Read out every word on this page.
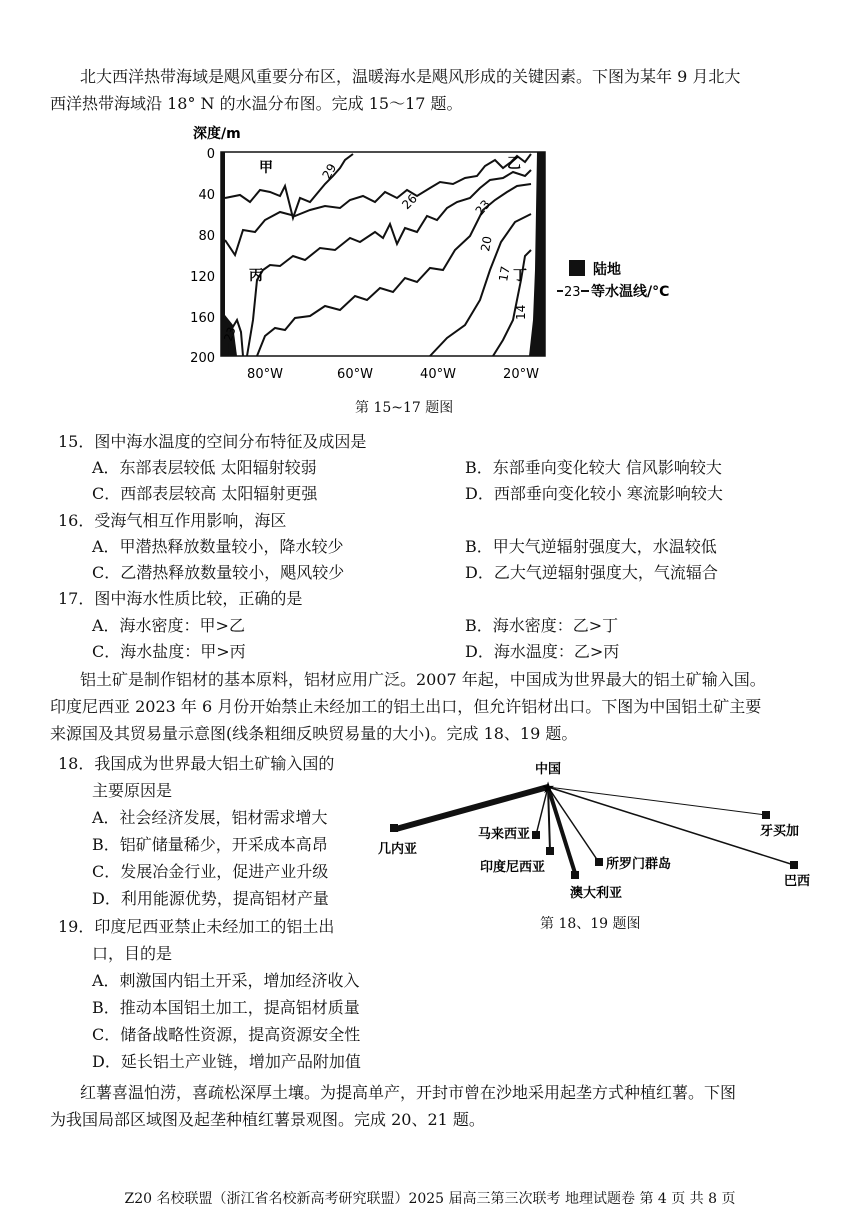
北大西洋热带海域是飓风重要分布区，温暖海水是飓风形成的关键因素。下图为某年 9 月北大
西洋热带海域沿 18° N 的水温分布图。完成 15～17 题。
深度/m
0
40
80
120
160
200
29
26	23
20
17
14
23
甲	乙
丙	丁
80°W	60°W	40°W	20°W
陆地
23 等水温线/°C
第 15~17 题图
15．图中海水温度的空间分布特征及成因是
A．东部表层较低 太阳辐射较弱	B．东部垂向变化较大 信风影响较大
C．西部表层较高 太阳辐射更强	D．西部垂向变化较小 寒流影响较大
16．受海气相互作用影响，海区
A．甲潜热释放数量较小，降水较少	B．甲大气逆辐射强度大，水温较低
C．乙潜热释放数量较小，飓风较少	D．乙大气逆辐射强度大，气流辐合
17．图中海水性质比较，正确的是
A．海水密度：甲>乙	B．海水密度：乙>丁
C．海水盐度：甲>丙	D．海水温度：乙>丙
铝土矿是制作铝材的基本原料，铝材应用广泛。2007 年起，中国成为世界最大的铝土矿输入国。
印度尼西亚 2023 年 6 月份开始禁止未经加工的铝土出口，但允许铝材出口。下图为中国铝土矿主要
来源国及其贸易量示意图(线条粗细反映贸易量的大小)。完成 18、19 题。
18．我国成为世界最大铝土矿输入国的
主要原因是
A．社会经济发展，铝材需求增大
B．铝矿储量稀少，开采成本高昂
C．发展冶金行业，促进产业升级
D．利用能源优势，提高铝材产量
★
中国
几内亚
马来西亚
印度尼西亚
澳大利亚
所罗门群岛
巴西
牙买加
第 18、19 题图
19．印度尼西亚禁止未经加工的铝土出
口，目的是
A．刺激国内铝土开采，增加经济收入
B．推动本国铝土加工，提高铝材质量
C．储备战略性资源，提高资源安全性
D．延长铝土产业链，增加产品附加值
红薯喜温怕涝，喜疏松深厚土壤。为提高单产，开封市曾在沙地采用起垄方式种植红薯。下图
为我国局部区域图及起垄种植红薯景观图。完成 20、21 题。
Z20 名校联盟（浙江省名校新高考研究联盟）2025 届高三第三次联考 地理试题卷 第 4 页 共 8 页
